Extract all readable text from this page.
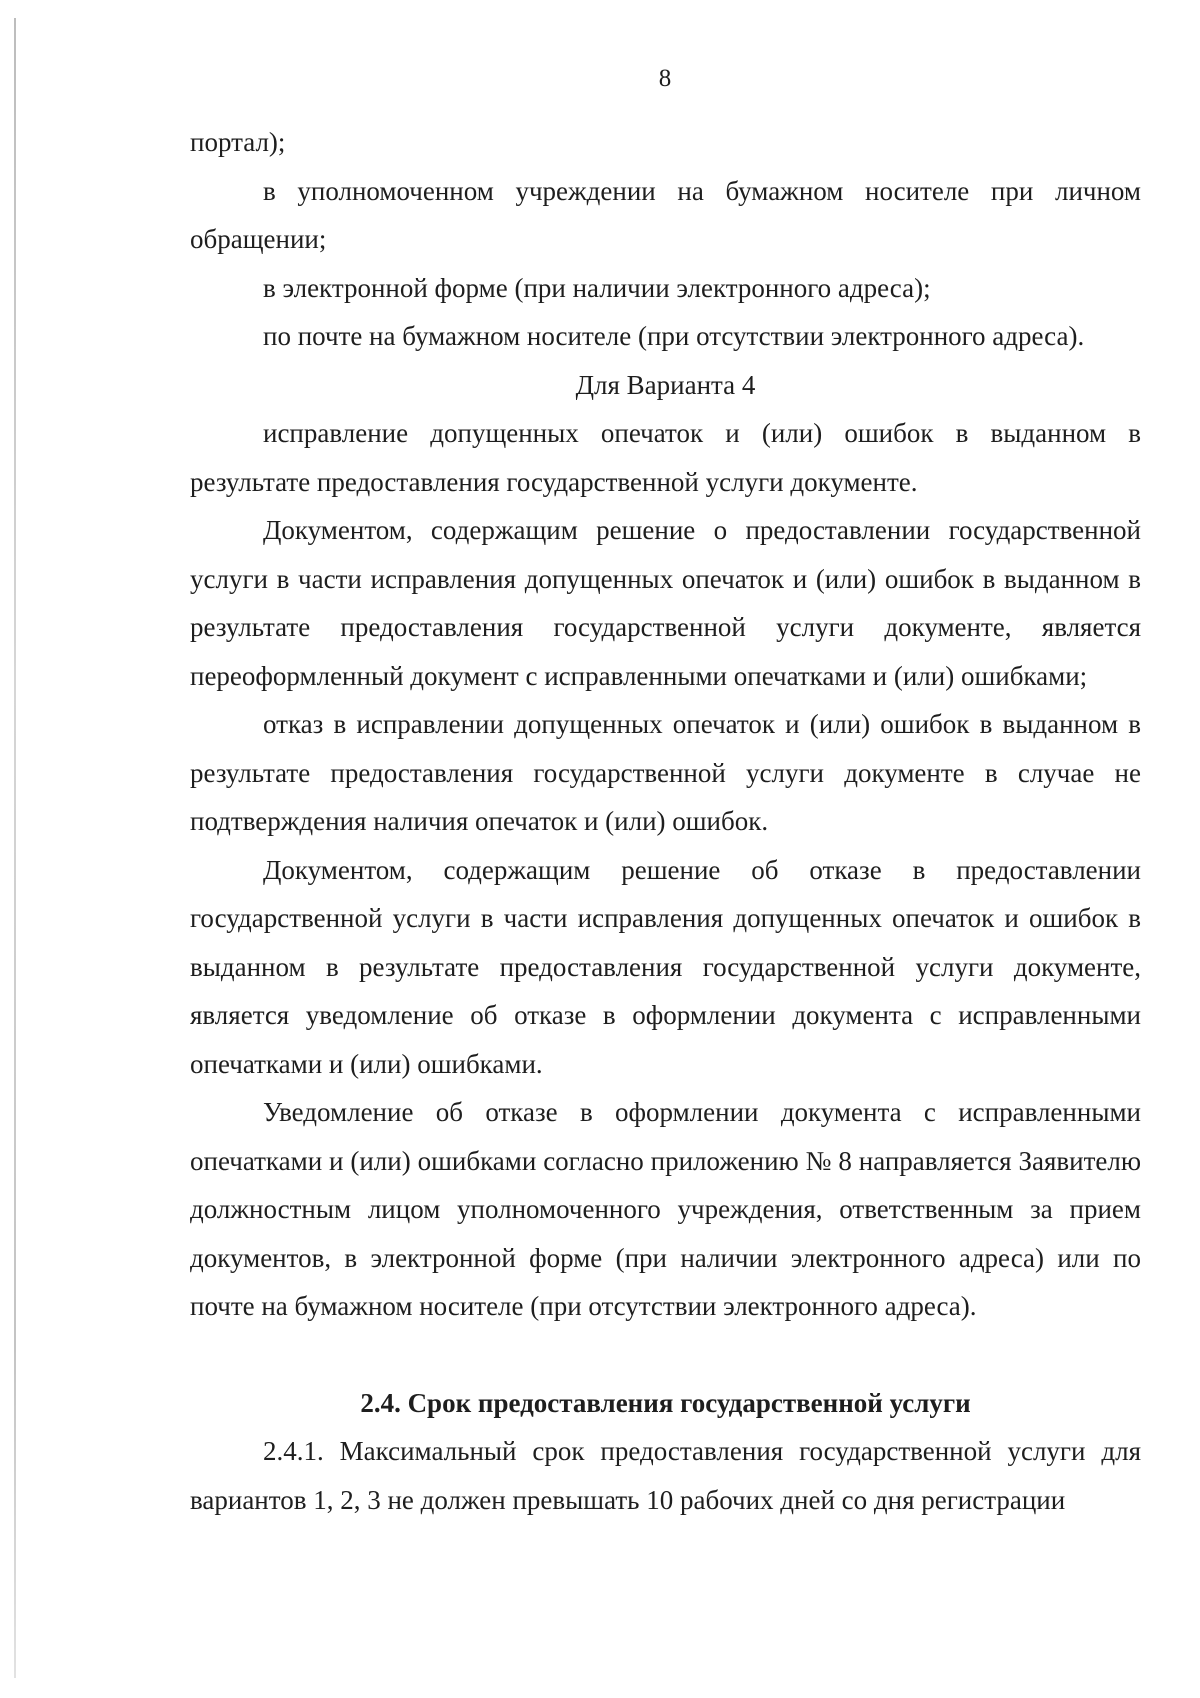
8

портал);

в уполномоченном учреждении на бумажном носителе при личном обращении;

в электронной форме (при наличии электронного адреса);

по почте на бумажном носителе (при отсутствии электронного адреса).

Для Варианта 4

исправление допущенных опечаток и (или) ошибок в выданном в результате предоставления государственной услуги документе.

Документом, содержащим решение о предоставлении государственной услуги в части исправления допущенных опечаток и (или) ошибок в выданном в результате предоставления государственной услуги документе, является переоформленный документ с исправленными опечатками и (или) ошибками;

отказ в исправлении допущенных опечаток и (или) ошибок в выданном в результате предоставления государственной услуги документе в случае не подтверждения наличия опечаток и (или) ошибок.

Документом, содержащим решение об отказе в предоставлении государственной услуги в части исправления допущенных опечаток и ошибок в выданном в результате предоставления государственной услуги документе, является уведомление об отказе в оформлении документа с исправленными опечатками и (или) ошибками.

Уведомление об отказе в оформлении документа с исправленными опечатками и (или) ошибками согласно приложению № 8 направляется Заявителю должностным лицом уполномоченного учреждения, ответственным за прием документов, в электронной форме (при наличии электронного адреса) или по почте на бумажном носителе (при отсутствии электронного адреса).

2.4. Срок предоставления государственной услуги

2.4.1. Максимальный срок предоставления государственной услуги для вариантов 1, 2, 3 не должен превышать 10 рабочих дней со дня регистрации
